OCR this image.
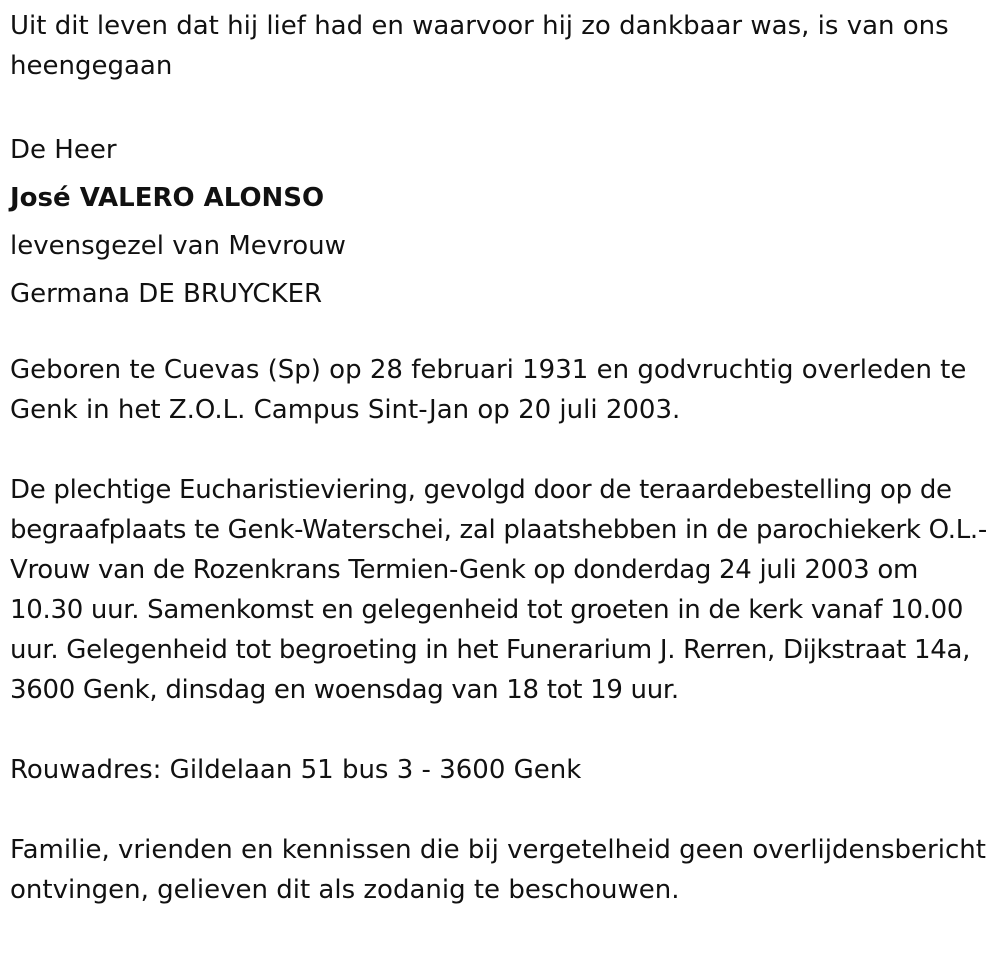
Uit dit leven dat hij lief had en waarvoor hij zo dankbaar was, is van ons heengegaan

De Heer

José VALERO ALONSO

levensgezel van Mevrouw

Germana DE BRUYCKER

Geboren te Cuevas (Sp) op 28 februari 1931 en godvruchtig overleden te Genk in het Z.O.L. Campus Sint-Jan op 20 juli 2003.

De plechtige Eucharistieviering, gevolgd door de teraardebestelling op de begraafplaats te Genk-Waterschei, zal plaatshebben in de parochiekerk O.L.-Vrouw van de Rozenkrans Termien-Genk op donderdag 24 juli 2003 om 10.30 uur. Samenkomst en gelegenheid tot groeten in de kerk vanaf 10.00 uur. Gelegenheid tot begroeting in het Funerarium J. Rerren, Dijkstraat 14a, 3600 Genk, dinsdag en woensdag van 18 tot 19 uur.

Rouwadres: Gildelaan 51 bus 3 - 3600 Genk

Familie, vrienden en kennissen die bij vergetelheid geen overlijdensbericht ontvingen, gelieven dit als zodanig te beschouwen.
